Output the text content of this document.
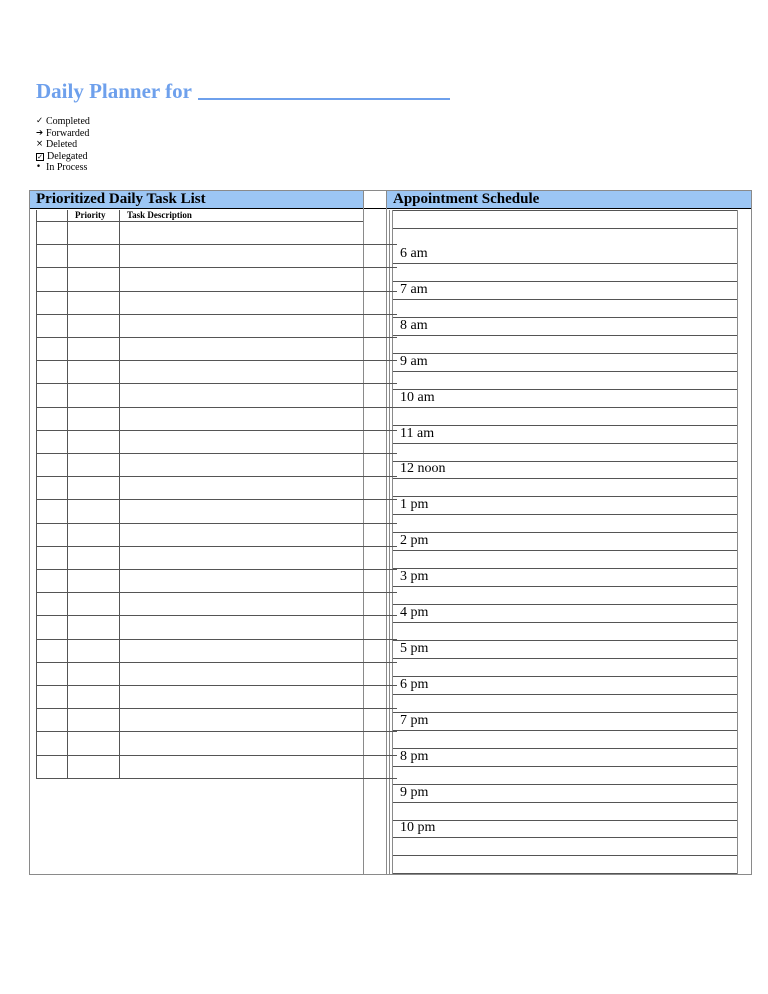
Daily Planner for
✓ Completed
➔ Forwarded
× Deleted
✓ Delegated
• In Process
Prioritized Daily Task List	Appointment Schedule
Priority Task Description
6 am
7 am
8 am
9 am
10 am
11 am
12 noon
1 pm
2 pm
3 pm
4 pm
5 pm
6 pm
7 pm
8 pm
9 pm
10 pm
